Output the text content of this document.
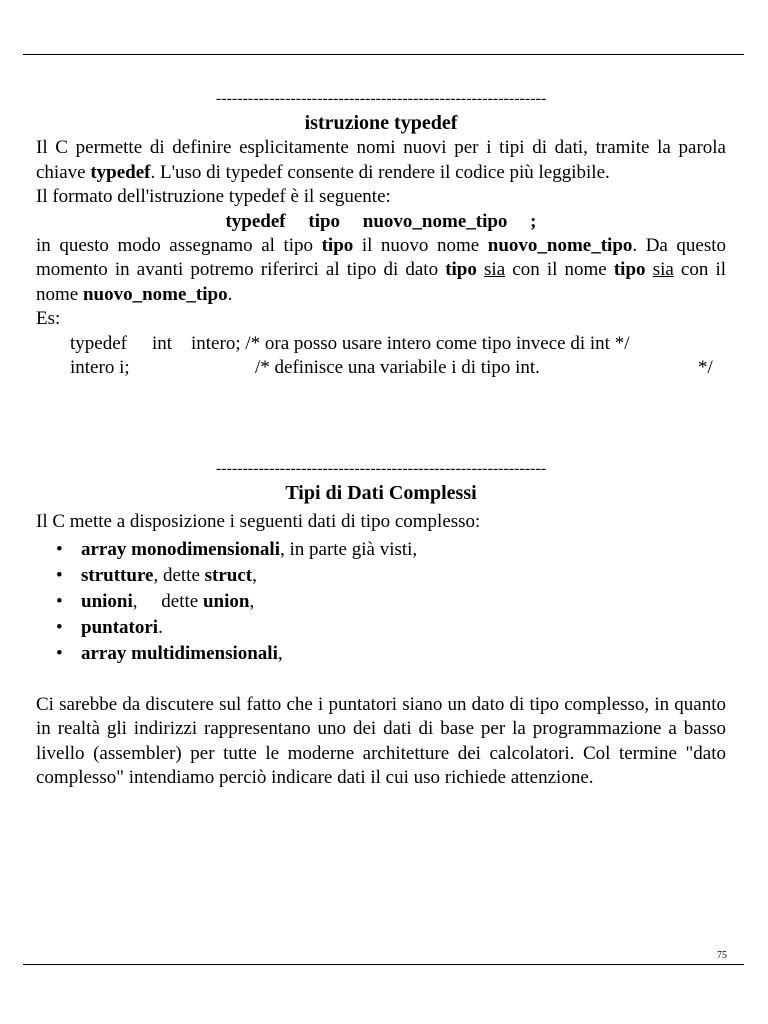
--------------------------------------------------------------
istruzione typedef

Il C permette di definire esplicitamente nomi nuovi per i tipi di dati, tramite la parola chiave typedef. L'uso di typedef consente di rendere il codice più leggibile.

Il formato dell'istruzione typedef è il seguente:

typedef tipo nuovo_nome_tipo ;

in questo modo assegnamo al tipo tipo il nuovo nome nuovo_nome_tipo. Da questo momento in avanti potremo riferirci al tipo di dato tipo sia con il nome tipo sia con il nome nuovo_nome_tipo.

Es:

typedef int intero; /* ora posso usare intero come tipo invece di int */
intero i;	/* definisce una variabile i di tipo int.	*/
--------------------------------------------------------------
Tipi di Dati Complessi

Il C mette a disposizione i seguenti dati di tipo complesso:

• array monodimensionali, in parte già visti,
• strutture, dette struct,
• unioni,     dette union,
• puntatori.
• array multidimensionali,

Ci sarebbe da discutere sul fatto che i puntatori siano un dato di tipo complesso, in quanto in realtà gli indirizzi rappresentano uno dei dati di base per la programmazione a basso livello (assembler) per tutte le moderne architetture dei calcolatori. Col termine "dato complesso" intendiamo perciò indicare dati il cui uso richiede attenzione.

75
